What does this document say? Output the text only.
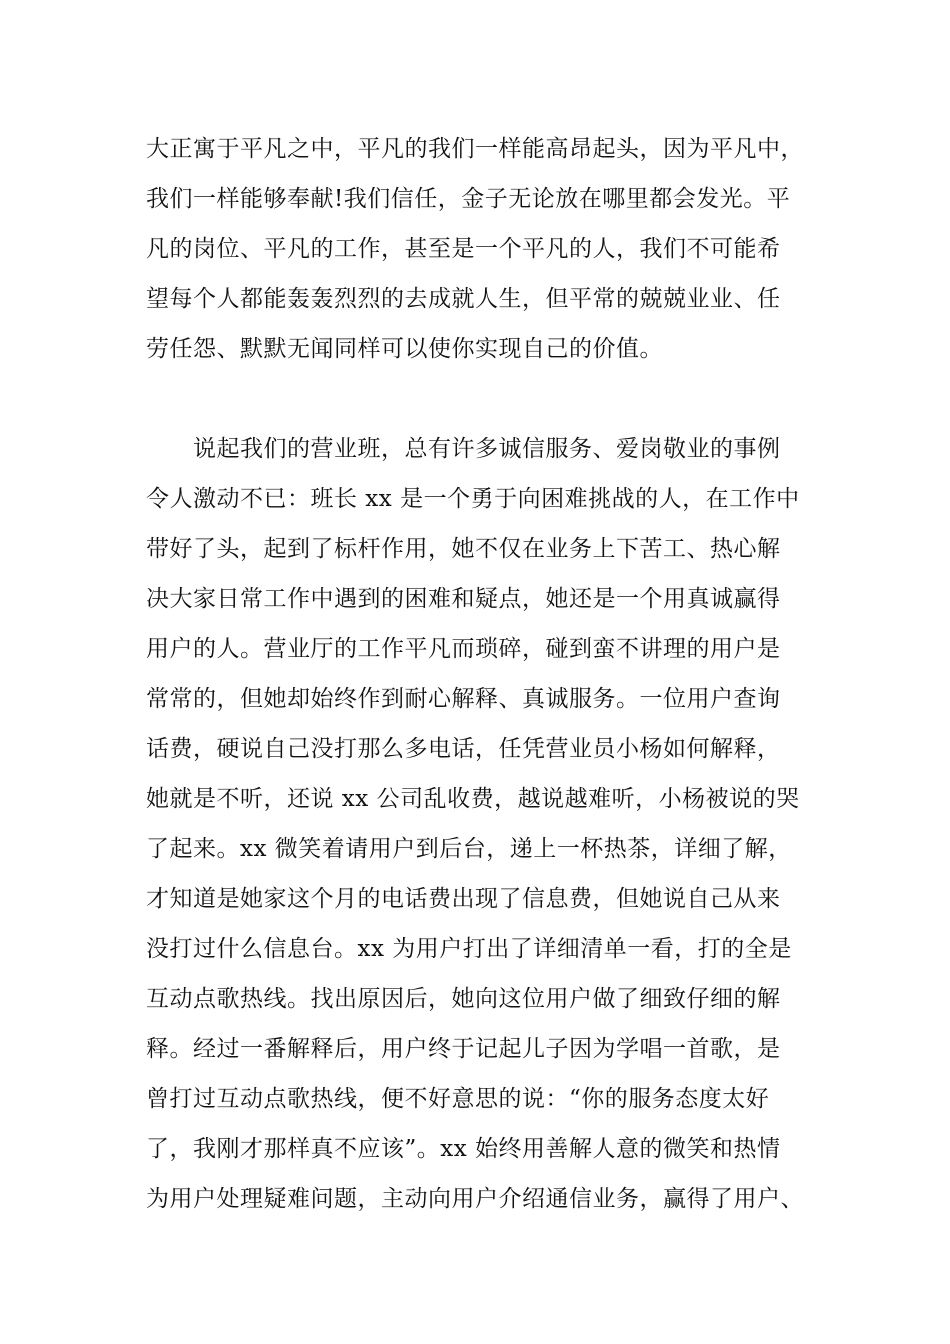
大正寓于平凡之中，平凡的我们一样能高昂起头，因为平凡中，
我们一样能够奉献!我们信任，金子无论放在哪里都会发光。平
凡的岗位、平凡的工作，甚至是一个平凡的人，我们不可能希
望每个人都能轰轰烈烈的去成就人生，但平常的兢兢业业、任
劳任怨、默默无闻同样可以使你实现自己的价值。
　　说起我们的营业班，总有许多诚信服务、爱岗敬业的事例
令人激动不已：班长 xx 是一个勇于向困难挑战的人，在工作中
带好了头，起到了标杆作用，她不仅在业务上下苦工、热心解
决大家日常工作中遇到的困难和疑点，她还是一个用真诚赢得
用户的人。营业厅的工作平凡而琐碎，碰到蛮不讲理的用户是
常常的，但她却始终作到耐心解释、真诚服务。一位用户查询
话费，硬说自己没打那么多电话，任凭营业员小杨如何解释，
她就是不听，还说 xx 公司乱收费，越说越难听，小杨被说的哭
了起来。xx 微笑着请用户到后台，递上一杯热茶，详细了解，
才知道是她家这个月的电话费出现了信息费，但她说自己从来
没打过什么信息台。xx 为用户打出了详细清单一看，打的全是
互动点歌热线。找出原因后，她向这位用户做了细致仔细的解
释。经过一番解释后，用户终于记起儿子因为学唱一首歌，是
曾打过互动点歌热线，便不好意思的说：“你的服务态度太好
了，我刚才那样真不应该”。xx 始终用善解人意的微笑和热情
为用户处理疑难问题，主动向用户介绍通信业务，赢得了用户、
